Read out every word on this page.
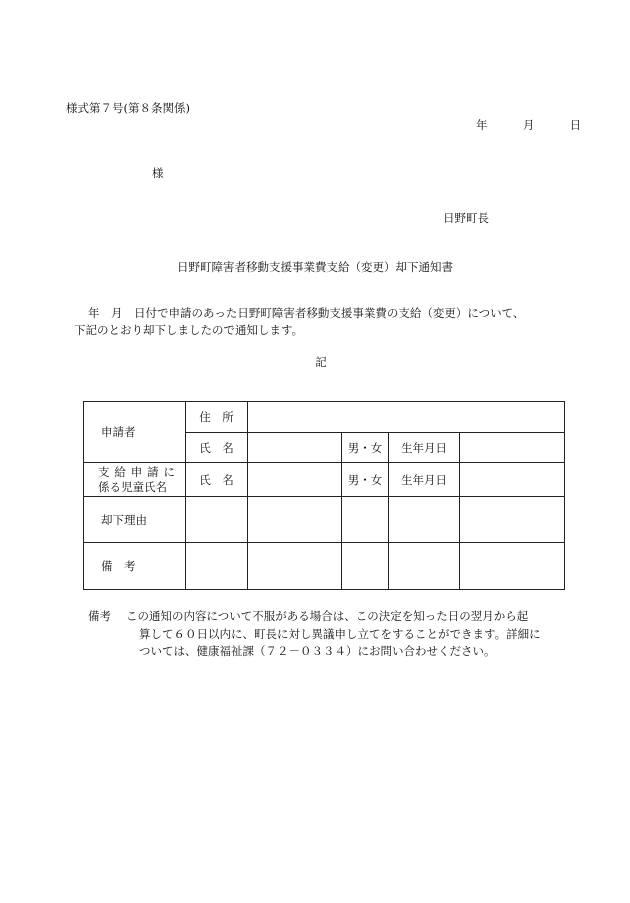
様式第７号(第８条関係)
年	月	日
様
日野町長
日野町障害者移動支援事業費支給（変更）却下通知書
年　月　日付で申請のあった日野町障害者移動支援事業費の支給（変更）について、
下記のとおり却下しましたので通知します。
記
申請者	住　所				
	氏　名		男・女	生年月日	

支給申請に
係る児童氏名	氏　名		男・女	生年月日	
却下理由					
備　考					
備考 この通知の内容について不服がある場合は、この決定を知った日の翌月から起

算して６０日以内に、町長に対し異議申し立てをすることができます。詳細に

ついては、健康福祉課（７２－０３３４）にお問い合わせください。
